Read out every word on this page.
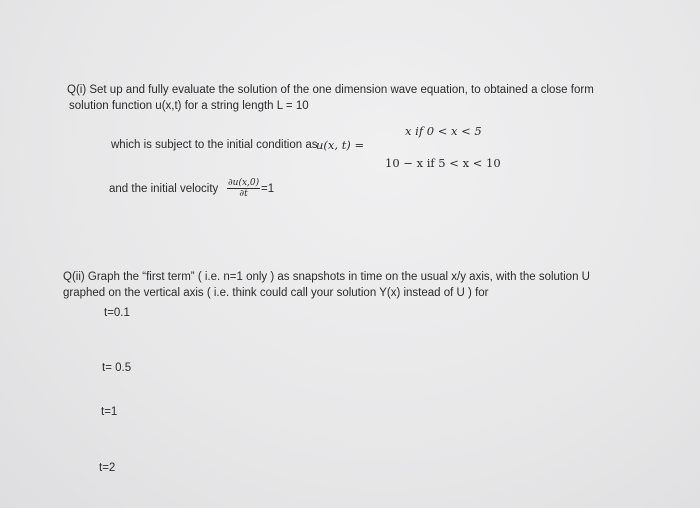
Q(i) Set up and fully evaluate the solution of the one dimension wave equation, to obtained a close form
solution function u(x,t) for a string length L = 10
which is subject to the initial condition as
u(x, t) =
x if 0 < x < 5
10 − x if 5 < x < 10
and the initial velocity $\frac{\partial u(x,0)}{\partial t} =1$
Q(ii) Graph the “first term” ( i.e. n=1 only ) as snapshots in time on the usual x/y axis, with the solution U
graphed on the vertical axis ( i.e. think could call your solution Y(x) instead of U ) for
t=0.1
t= 0.5
t=1
t=2
